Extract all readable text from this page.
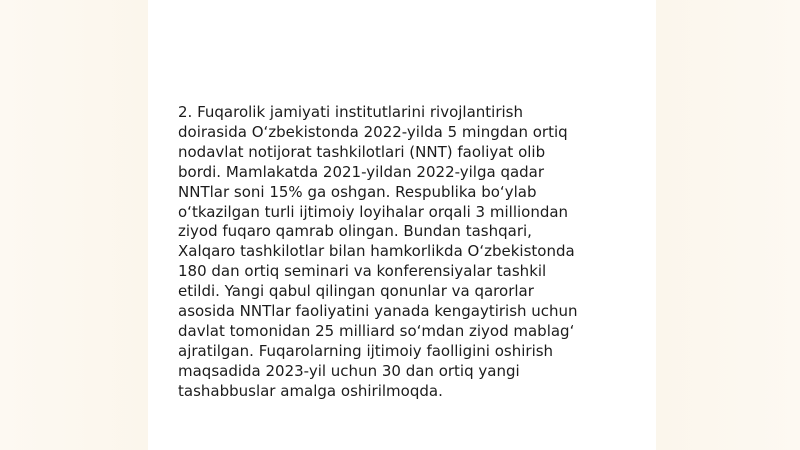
2. Fuqarolik jamiyati institutlarini rivojlantirish
doirasida O‘zbekistonda 2022-yilda 5 mingdan ortiq
nodavlat notijorat tashkilotlari (NNT) faoliyat olib
bordi. Mamlakatda 2021-yildan 2022-yilga qadar
NNTlar soni 15% ga oshgan. Respublika bo‘ylab
o‘tkazilgan turli ijtimoiy loyihalar orqali 3 milliondan
ziyod fuqaro qamrab olingan. Bundan tashqari,
Xalqaro tashkilotlar bilan hamkorlikda O‘zbekistonda
180 dan ortiq seminari va konferensiyalar tashkil
etildi. Yangi qabul qilingan qonunlar va qarorlar
asosida NNTlar faoliyatini yanada kengaytirish uchun
davlat tomonidan 25 milliard so‘mdan ziyod mablag‘
ajratilgan. Fuqarolarning ijtimoiy faolligini oshirish
maqsadida 2023-yil uchun 30 dan ortiq yangi
tashabbuslar amalga oshirilmoqda.
